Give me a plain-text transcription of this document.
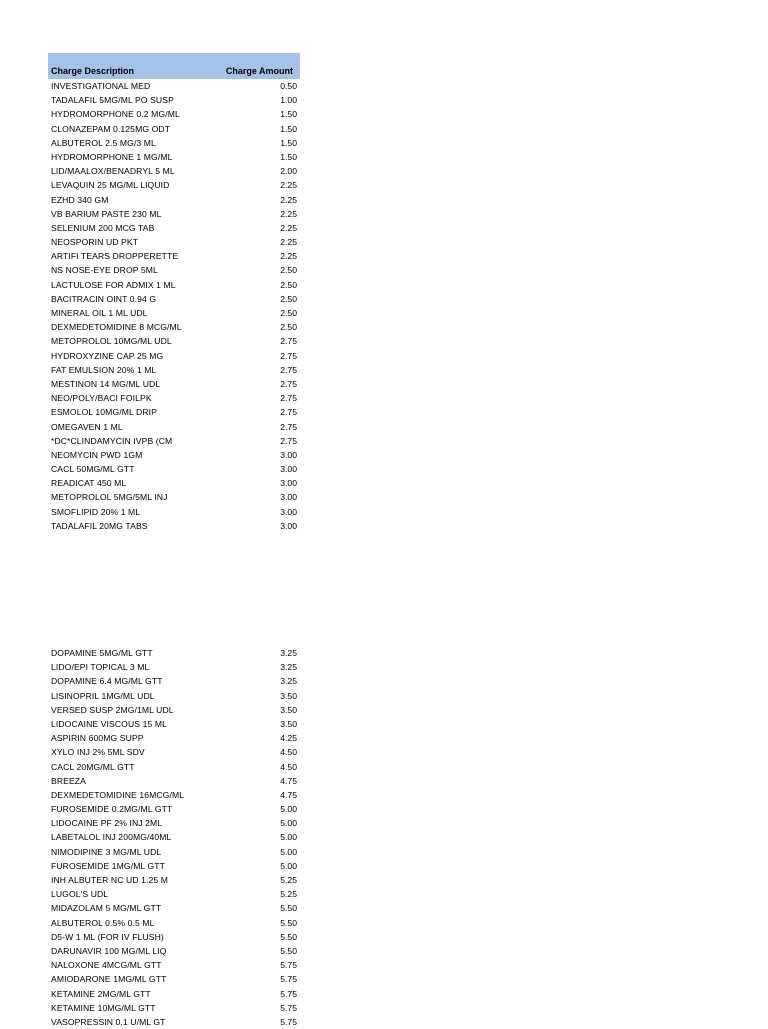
Charge Description	Charge Amount
INVESTIGATIONAL MED	0.50
TADALAFIL 5MG/ML PO SUSP	1.00
HYDROMORPHONE 0.2 MG/ML	1.50
CLONAZEPAM 0.125MG ODT	1.50
ALBUTEROL 2.5 MG/3 ML	1.50
HYDROMORPHONE 1 MG/ML	1.50
LID/MAALOX/BENADRYL 5 ML	2.00
LEVAQUIN 25 MG/ML LIQUID	2.25
EZHD 340 GM	2.25
VB BARIUM PASTE 230 ML	2.25
SELENIUM 200 MCG TAB	2.25
NEOSPORIN UD PKT	2.25
ARTIFI TEARS DROPPERETTE	2.25
NS NOSE-EYE DROP 5ML	2.50
LACTULOSE FOR ADMIX 1 ML	2.50
BACITRACIN OINT 0.94 G	2.50
MINERAL OIL 1 ML UDL	2.50
DEXMEDETOMIDINE 8 MCG/ML	2.50
METOPROLOL 10MG/ML UDL	2.75
HYDROXYZINE CAP 25 MG	2.75
FAT EMULSION 20% 1 ML	2.75
MESTINON 14 MG/ML UDL	2.75
NEO/POLY/BACI FOILPK	2.75
ESMOLOL 10MG/ML DRIP	2.75
OMEGAVEN 1 ML	2.75
*DC*CLINDAMYCIN IVPB (CM	2.75
NEOMYCIN PWD 1GM	3.00
CACL 50MG/ML GTT	3.00
READICAT 450 ML	3.00
METOPROLOL 5MG/5ML INJ	3.00
SMOFLIPID 20% 1 ML	3.00
TADALAFIL 20MG TABS	3.00
DOPAMINE 5MG/ML GTT	3.25
LIDO/EPI TOPICAL 3 ML	3.25
DOPAMINE 6.4 MG/ML GTT	3.25
LISINOPRIL 1MG/ML UDL	3.50
VERSED SUSP 2MG/1ML UDL	3.50
LIDOCAINE VISCOUS 15 ML	3.50
ASPIRIN 600MG SUPP	4.25
XYLO INJ 2% 5ML SDV	4.50
CACL 20MG/ML GTT	4.50
BREEZA	4.75
DEXMEDETOMIDINE 16MCG/ML	4.75
FUROSEMIDE 0.2MG/ML GTT	5.00
LIDOCAINE PF 2% INJ 2ML	5.00
LABETALOL INJ 200MG/40ML	5.00
NIMODIPINE 3 MG/ML UDL	5.00
FUROSEMIDE 1MG/ML GTT	5.00
INH ALBUTER NC UD 1.25 M	5.25
LUGOL'S UDL	5.25
MIDAZOLAM 5 MG/ML GTT	5.50
ALBUTEROL 0.5% 0.5 ML	5.50
D5-W 1 ML (FOR IV FLUSH)	5.50
DARUNAVIR 100 MG/ML LIQ	5.50
NALOXONE 4MCG/ML GTT	5.75
AMIODARONE 1MG/ML GTT	5.75
KETAMINE 2MG/ML GTT	5.75
KETAMINE 10MG/ML GTT	5.75
VASOPRESSIN 0.1 U/ML GT	5.75
